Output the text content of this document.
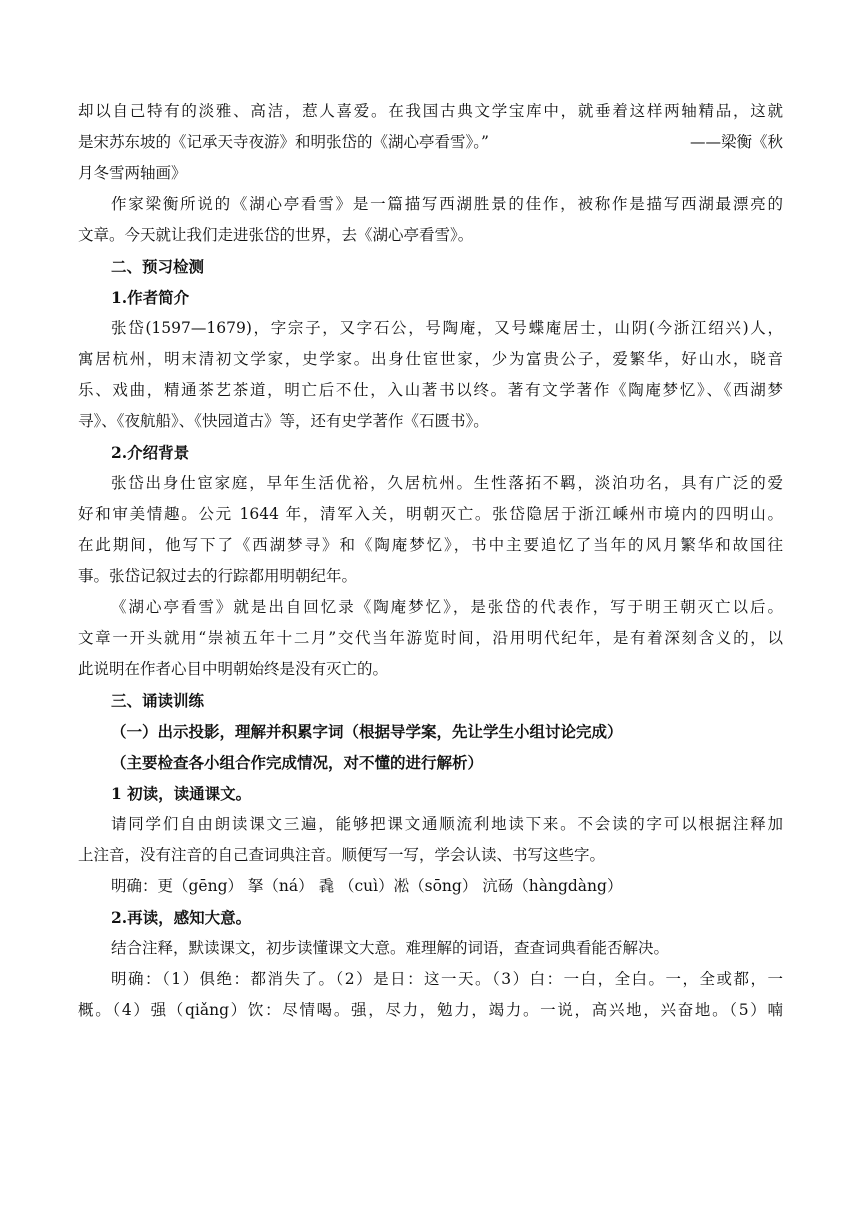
却以自己特有的淡雅、高洁，惹人喜爱。在我国古典文学宝库中，就垂着这样两轴精品，这就
是宋苏东坡的《记承天寺夜游》和明张岱的《湖心亭看雪》。”	——梁衡《秋
月冬雪两轴画》
作家梁衡所说的《湖心亭看雪》是一篇描写西湖胜景的佳作，被称作是描写西湖最漂亮的
文章。今天就让我们走进张岱的世界，去《湖心亭看雪》。
二、预习检测
1.作者简介
张岱(1597—1679)，字宗子，又字石公，号陶庵，又号蝶庵居士，山阴(今浙江绍兴)人，
寓居杭州，明末清初文学家，史学家。出身仕宦世家，少为富贵公子，爱繁华，好山水，晓音
乐、戏曲，精通茶艺茶道，明亡后不仕，入山著书以终。著有文学著作《陶庵梦忆》、《西湖梦
寻》、《夜航船》、《快园道古》等，还有史学著作《石匮书》。
2.介绍背景
张岱出身仕宦家庭，早年生活优裕，久居杭州。生性落拓不羁，淡泊功名，具有广泛的爱
好和审美情趣。公元 1644 年，清军入关，明朝灭亡。张岱隐居于浙江嵊州市境内的四明山。
在此期间，他写下了《西湖梦寻》和《陶庵梦忆》，书中主要追忆了当年的风月繁华和故国往
事。张岱记叙过去的行踪都用明朝纪年。
《湖心亭看雪》就是出自回忆录《陶庵梦忆》，是张岱的代表作，写于明王朝灭亡以后。
文章一开头就用“崇祯五年十二月”交代当年游览时间，沿用明代纪年，是有着深刻含义的，以
此说明在作者心目中明朝始终是没有灭亡的。
三、诵读训练
（一）出示投影，理解并积累字词（根据导学案，先让学生小组讨论完成）
（主要检查各小组合作完成情况，对不懂的进行解析）
1 初读，读通课文。
请同学们自由朗读课文三遍，能够把课文通顺流利地读下来。不会读的字可以根据注释加
上注音，没有注音的自己查词典注音。顺便写一写，学会认读、书写这些字。
明确：更（gēng） 拏（ná） 毳 （cuì）凇（sōng） 沆砀（hàngdàng）
2.再读，感知大意。
结合注释，默读课文，初步读懂课文大意。难理解的词语，查查词典看能否解决。
明确：（1）俱绝：都消失了。（2）是日：这一天。（3）白：一白，全白。一，全或都，一
概。（4）强（qiǎng）饮：尽情喝。强，尽力，勉力，竭力。一说，高兴地，兴奋地。（5）喃
